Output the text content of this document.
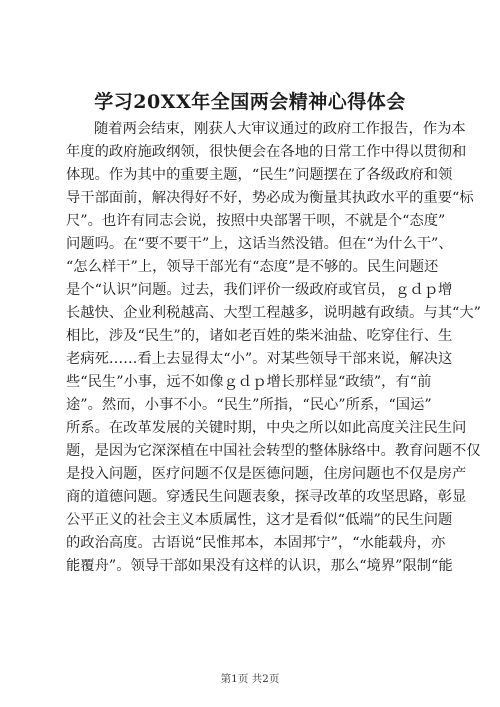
学习20XX年全国两会精神心得体会
随着两会结束，刚获人大审议通过的政府工作报告，作为本
年度的政府施政纲领，很快便会在各地的日常工作中得以贯彻和
体现。作为其中的重要主题，“民生”问题摆在了各级政府和领
导干部面前，解决得好不好，势必成为衡量其执政水平的重要“标
尺”。也许有同志会说，按照中央部署干呗，不就是个“态度”
问题吗。在“要不要干”上，这话当然没错。但在“为什么干”、
“怎么样干”上，领导干部光有“态度”是不够的。民生问题还
是个“认识”问题。过去，我们评价一级政府或官员，ｇｄｐ增
长越快、企业利税越高、大型工程越多，说明越有政绩。与其“大”
相比，涉及“民生”的，诸如老百姓的柴米油盐、吃穿住行、生
老病死……看上去显得太“小”。对某些领导干部来说，解决这
些“民生”小事，远不如像ｇｄｐ增长那样显“政绩”，有“前
途”。然而，小事不小。“民生”所指，“民心”所系，“国运”
所系。在改革发展的关键时期，中央之所以如此高度关注民生问
题，是因为它深深植在中国社会转型的整体脉络中。教育问题不仅
是投入问题，医疗问题不仅是医德问题，住房问题也不仅是房产
商的道德问题。穿透民生问题表象，探寻改革的攻坚思路，彰显
公平正义的社会主义本质属性，这才是看似“低端”的民生问题
的政治高度。古语说“民惟邦本，本固邦宁”，“水能载舟，亦
能覆舟”。领导干部如果没有这样的认识，那么“境界”限制“能
第1页 共2页
